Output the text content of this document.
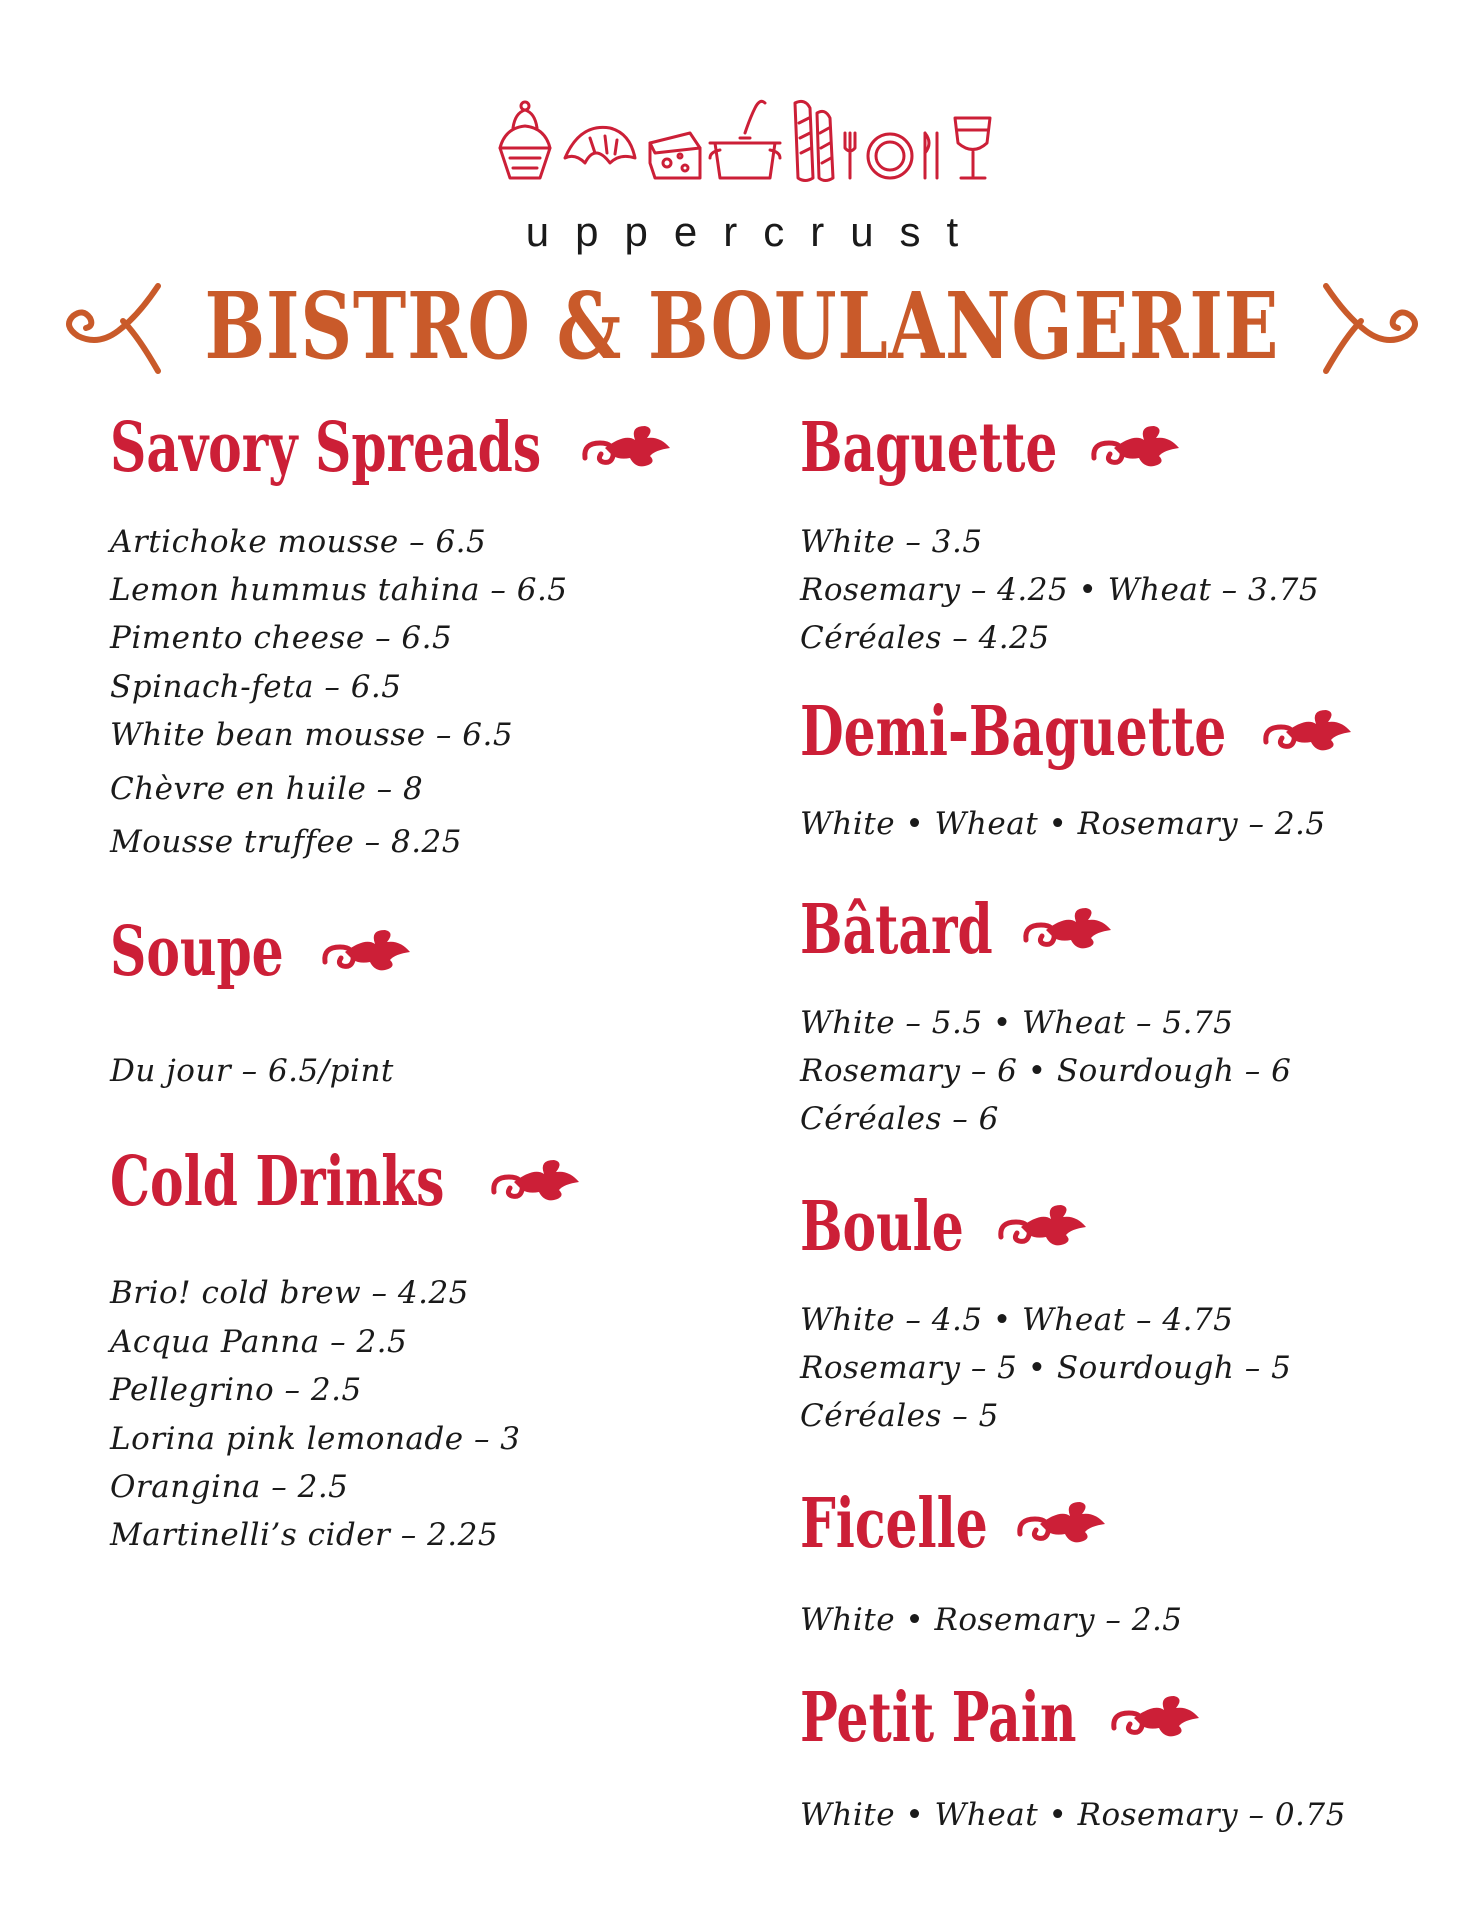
uppercrust
BISTRO & BOULANGERIE
Savory Spreads
Artichoke mousse – 6.5
Lemon hummus tahina – 6.5
Pimento cheese – 6.5
Spinach-feta – 6.5
White bean mousse – 6.5
Chèvre en huile – 8
Mousse truffee – 8.25
Soupe
Du jour – 6.5/pint
Cold Drinks
Brio! cold brew – 4.25
Acqua Panna – 2.5
Pellegrino – 2.5
Lorina pink lemonade – 3
Orangina – 2.5
Martinelli’s cider – 2.25
Baguette
White – 3.5
Rosemary – 4.25 • Wheat – 3.75
Céréales – 4.25
Demi-Baguette
White • Wheat • Rosemary – 2.5
Bâtard
White – 5.5 • Wheat – 5.75
Rosemary – 6 • Sourdough – 6
Céréales – 6
Boule
White – 4.5 • Wheat – 4.75
Rosemary – 5 • Sourdough – 5
Céréales – 5
Ficelle
White • Rosemary – 2.5
Petit Pain
White • Wheat • Rosemary – 0.75
